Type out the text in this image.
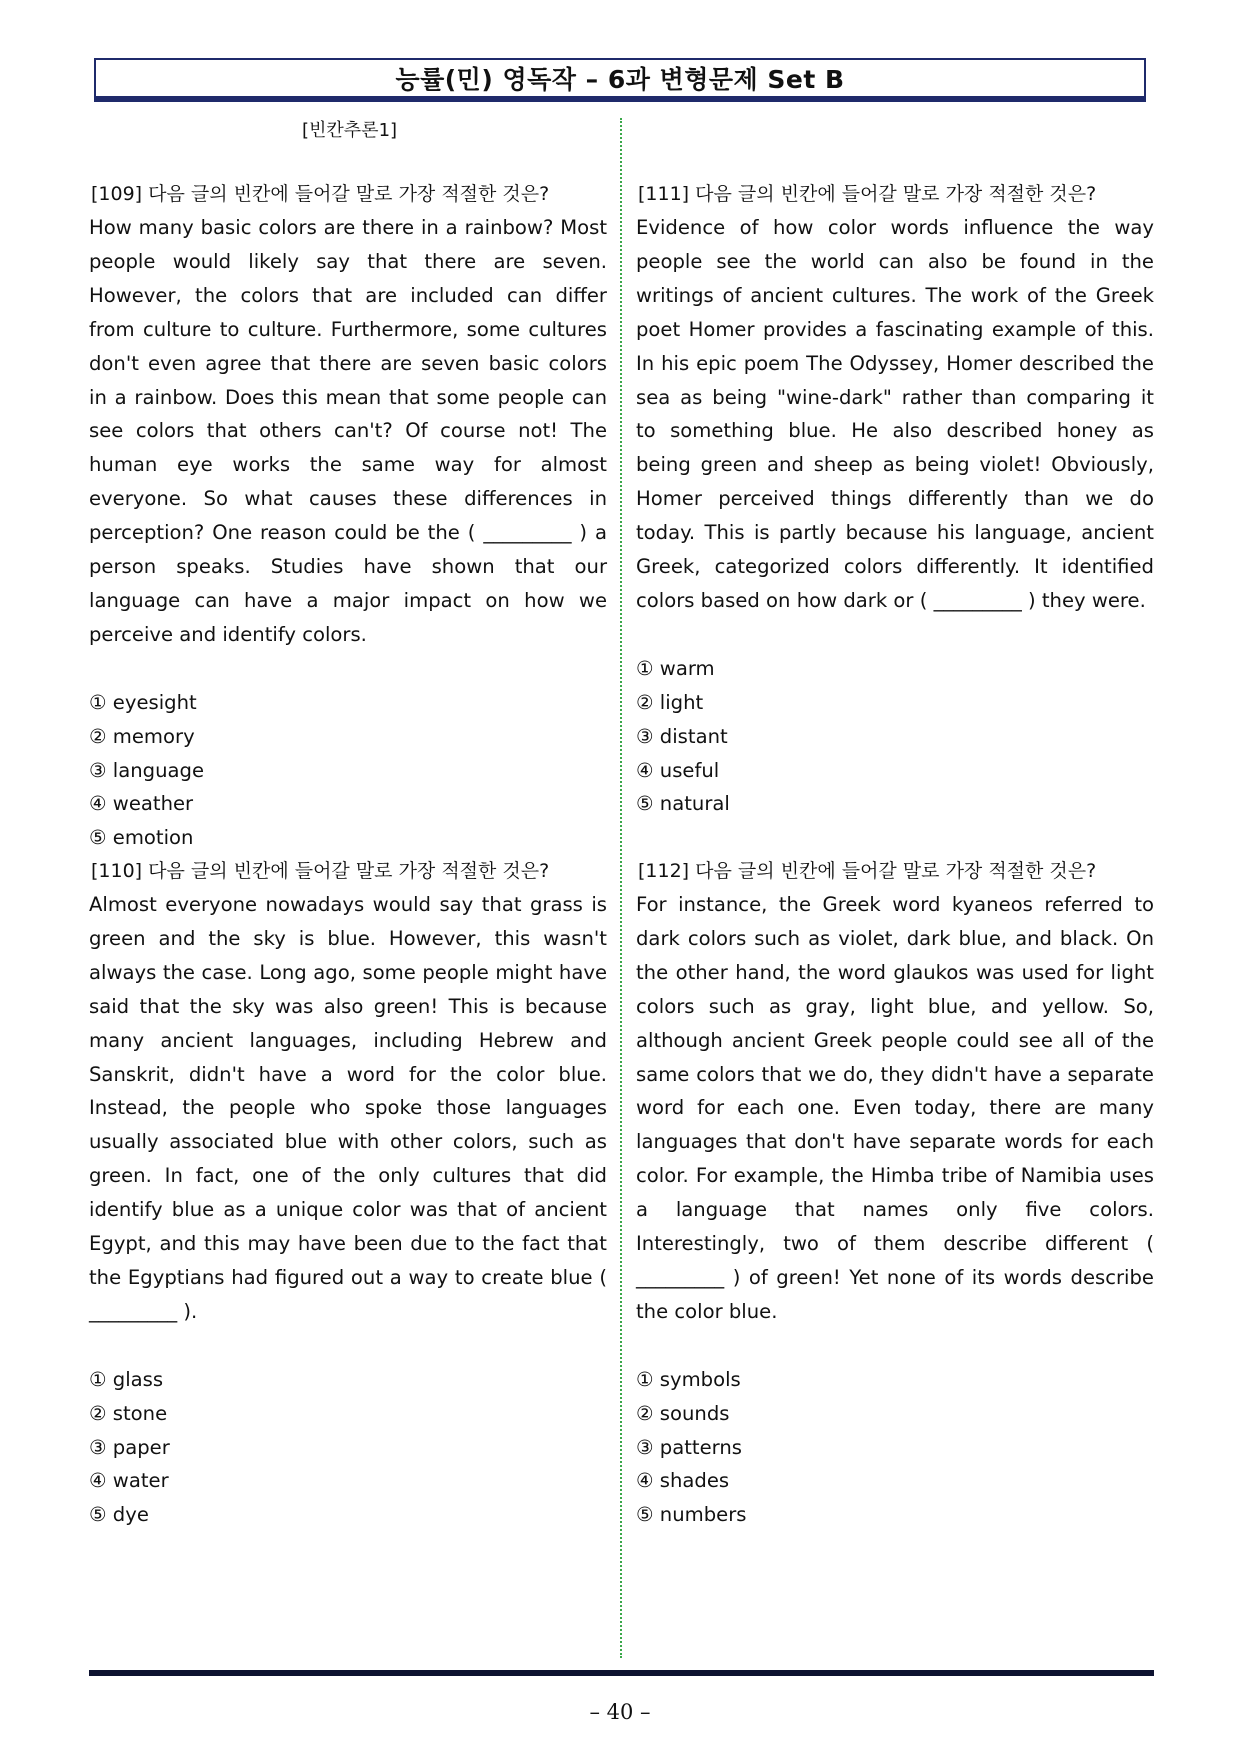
능률(민) 영독작 – 6과 변형문제 Set B
[빈칸추론1]
[109] 다음 글의 빈칸에 들어갈 말로 가장 적절한 것은?

How many basic colors are there in a rainbow? Most people would likely say that there are seven. However, the colors that are included can differ from culture to culture. Furthermore, some cultures don't even agree that there are seven basic colors in a rainbow. Does this mean that some people can see colors that others can't? Of course not! The human eye works the same way for almost everyone. So what causes these differences in perception? One reason could be the ( _________ ) a person speaks. Studies have shown that our language can have a major impact on how we perceive and identify colors.

① eyesight
② memory
③ language
④ weather
⑤ emotion
[110] 다음 글의 빈칸에 들어갈 말로 가장 적절한 것은?

Almost everyone nowadays would say that grass is green and the sky is blue. However, this wasn't always the case. Long ago, some people might have said that the sky was also green! This is because many ancient languages, including Hebrew and Sanskrit, didn't have a word for the color blue. Instead, the people who spoke those languages usually associated blue with other colors, such as green. In fact, one of the only cultures that did identify blue as a unique color was that of ancient Egypt, and this may have been due to the fact that the Egyptians had figured out a way to create blue ( _________ ).

① glass
② stone
③ paper
④ water
⑤ dye
[111] 다음 글의 빈칸에 들어갈 말로 가장 적절한 것은?

Evidence of how color words influence the way people see the world can also be found in the writings of ancient cultures. The work of the Greek poet Homer provides a fascinating example of this. In his epic poem The Odyssey, Homer described the sea as being "wine-dark" rather than comparing it to something blue. He also described honey as being green and sheep as being violet! Obviously, Homer perceived things differently than we do today. This is partly because his language, ancient Greek, categorized colors differently. It identified colors based on how dark or ( _________ ) they were.

① warm
② light
③ distant
④ useful
⑤ natural
[112] 다음 글의 빈칸에 들어갈 말로 가장 적절한 것은?

For instance, the Greek word kyaneos referred to dark colors such as violet, dark blue, and black. On the other hand, the word glaukos was used for light colors such as gray, light blue, and yellow. So, although ancient Greek people could see all of the same colors that we do, they didn't have a separate word for each one. Even today, there are many languages that don't have separate words for each color. For example, the Himba tribe of Namibia uses a language that names only five colors. Interestingly, two of them describe different ( _________ ) of green! Yet none of its words describe the color blue.

① symbols
② sounds
③ patterns
④ shades
⑤ numbers
– 40 –
